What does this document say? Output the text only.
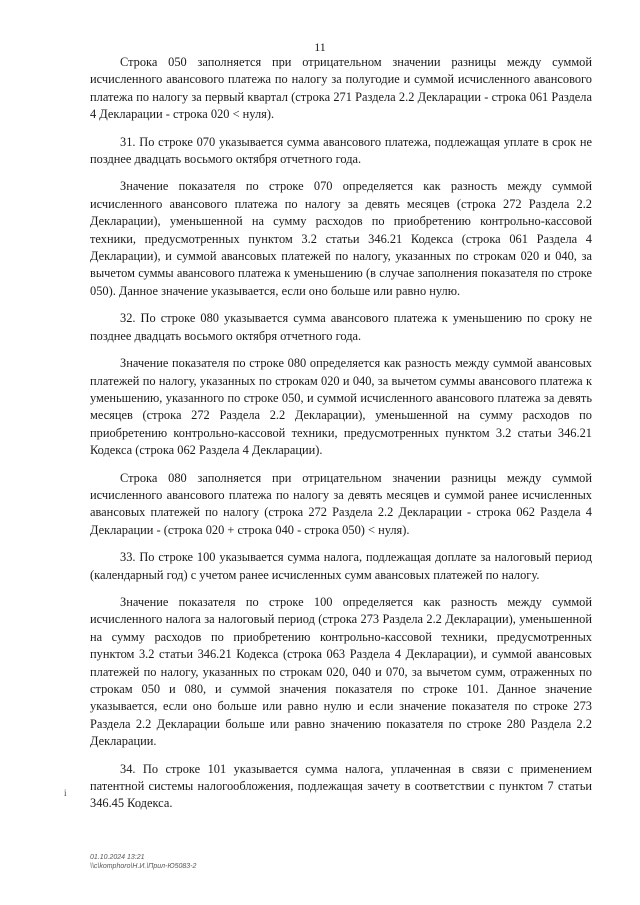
11

Строка 050 заполняется при отрицательном значении разницы между суммой исчисленного авансового платежа по налогу за полугодие и суммой исчисленного авансового платежа по налогу за первый квартал (строка 271 Раздела 2.2 Декларации - строка 061 Раздела 4 Декларации - строка 020 < нуля).

31. По строке 070 указывается сумма авансового платежа, подлежащая уплате в срок не позднее двадцать восьмого октября отчетного года.

Значение показателя по строке 070 определяется как разность между суммой исчисленного авансового платежа по налогу за девять месяцев (строка 272 Раздела 2.2 Декларации), уменьшенной на сумму расходов по приобретению контрольно-кассовой техники, предусмотренных пунктом 3.2 статьи 346.21 Кодекса (строка 061 Раздела 4 Декларации), и суммой авансовых платежей по налогу, указанных по строкам 020 и 040, за вычетом суммы авансового платежа к уменьшению (в случае заполнения показателя по строке 050). Данное значение указывается, если оно больше или равно нулю.

32. По строке 080 указывается сумма авансового платежа к уменьшению по сроку не позднее двадцать восьмого октября отчетного года.

Значение показателя по строке 080 определяется как разность между суммой авансовых платежей по налогу, указанных по строкам 020 и 040, за вычетом суммы авансового платежа к уменьшению, указанного по строке 050, и суммой исчисленного авансового платежа за девять месяцев (строка 272 Раздела 2.2 Декларации), уменьшенной на сумму расходов по приобретению контрольно-кассовой техники, предусмотренных пунктом 3.2 статьи 346.21 Кодекса (строка 062 Раздела 4 Декларации).

Строка 080 заполняется при отрицательном значении разницы между суммой исчисленного авансового платежа по налогу за девять месяцев и суммой ранее исчисленных авансовых платежей по налогу (строка 272 Раздела 2.2 Декларации - строка 062 Раздела 4 Декларации - (строка 020 + строка 040 - строка 050) < нуля).

33. По строке 100 указывается сумма налога, подлежащая доплате за налоговый период (календарный год) с учетом ранее исчисленных сумм авансовых платежей по налогу.

Значение показателя по строке 100 определяется как разность между суммой исчисленного налога за налоговый период (строка 273 Раздела 2.2 Декларации), уменьшенной на сумму расходов по приобретению контрольно-кассовой техники, предусмотренных пунктом 3.2 статьи 346.21 Кодекса (строка 063 Раздела 4 Декларации), и суммой авансовых платежей по налогу, указанных по строкам 020, 040 и 070, за вычетом сумм, отраженных по строкам 050 и 080, и суммой значения показателя по строке 101. Данное значение указывается, если оно больше или равно нулю и если значение показателя по строке 273 Раздела 2.2 Декларации больше или равно значению показателя по строке 280 Раздела 2.2 Декларации.

34. По строке 101 указывается сумма налога, уплаченная в связи с применением патентной системы налогообложения, подлежащая зачету в соответствии с пунктом 7 статьи 346.45 Кодекса.

i
01.10.2024 13:21
\\c\komphoro\Н.И.\Прил-Ю5083-2
